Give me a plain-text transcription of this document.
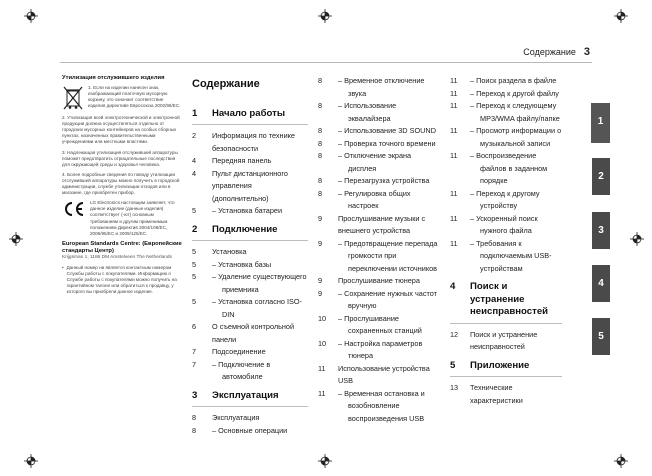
Содержание 3
Утилизация отслужившего изделия
1. Если на изделии нанесен знак, изображающий платочную мусорную корзину, это означает соответствие изделия директиве Евросоюза 2002/96/EC.

2. Утилизация всей электротехнической и электронной продукции должна осуществляться отдельно от городских мусорных контейнеров на особых сборных пунктах, назначенных правительственными учреждениями или местными властями.

3. Надлежащая утилизация отслужившей аппаратуры поможет предотвратить отрицательные последствия для окружающей среды и здоровья человека.

4. Более подробные сведения по поводу утилизации отслужившей аппаратуры можно получить в городской администрации, службе утилизации отходов или в магазине, где приобретен прибор.

LG Electronics настоящим заявляет, что данное изделие (данные изделия) соответствует (-ют) основным требованиям и другим применимым положениям Директив 2004/108/EC, 2006/95/EC и 2009/125/EC.
European Standards Centre: (Европейские стандарты Центр)
Krijgsman 1, 1186 DM Amstelveen The Netherlands
• Данный номер ни является контактным номером Службы работы с покупателями. Информацию о Службе работы с покупателями можно получить на гарантийном талоне или обратиться к продавцу, у которого вы приобрели данное изделие.
Содержание
1	Начало работы
2	Информация по технике безопасности
4	Передняя панель
4	Пульт дистанционного управления (дополнительно)
5	– Установка батареи
2	Подключение
5	Установка
5	– Установка базы
5	– Удаление существующего приемника
5	– Установка согласно ISO-DIN
6	О съемной контрольной панели
7	Подсоединение
7	– Подключение в автомобиле
3	Эксплуатация
8	Эксплуатация
8	– Основные операции
8	– Временное отключение звука
8	– Использование эквалайзера
8	– Использование 3D SOUND
8	– Проверка точного времени
8	– Отключение экрана дисплея
8	– Перезагрузка устройства
8	– Регулировка общих настроек
9	Прослушивание музыки с внешнего устройства
9	– Предотвращение перепада громкости при переключении источников
9	Прослушивание тюнера
9	– Сохранение нужных частот вручную
10	– Прослушивание сохраненных станций
10	– Настройка параметров тюнера
11	Использование устройства USB
11	– Временная остановка и возобновление воспроизведения USB
11	– Поиск раздела в файле
11	– Переход к другой файлу
11	– Переход к следующему MP3/WMA файлу/папке
11	– Просмотр информации о музыкальной записи
11	– Воспроизведение файлов в заданном порядке
11	– Переход к другому устройству
11	– Ускоренный поиск нужного файла
11	– Требования к подключаемым USB-устройствам
4	Поиск и устранение неисправностей
12	Поиск и устранение неисправностей
5	Приложение
13	Технические характеристики
1
2
3
4
5
